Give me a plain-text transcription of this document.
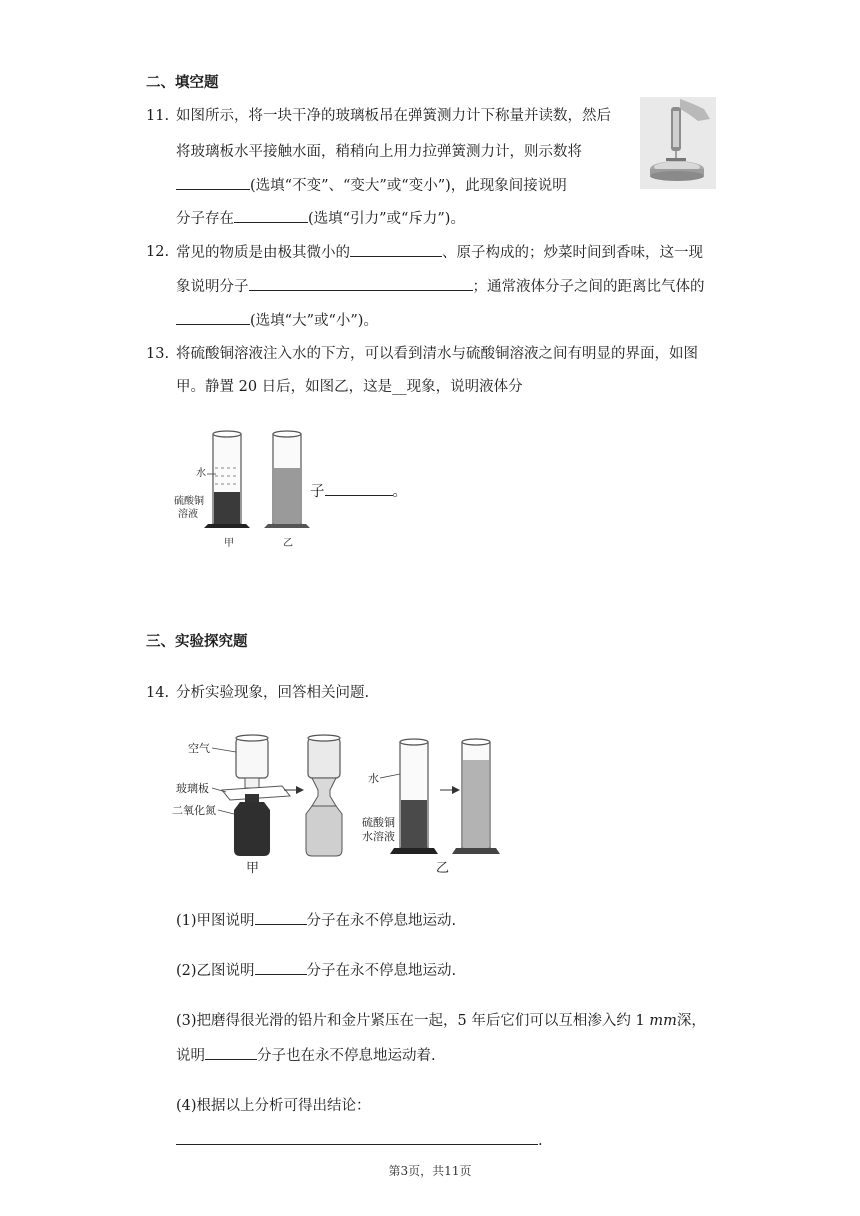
二、填空题
11. 如图所示，将一块干净的玻璃板吊在弹簧测力计下称量并读数，然后
将玻璃板水平接触水面，稍稍向上用力拉弹簧测力计，则示数将
(选填“不变”、“变大”或“变小”)，此现象间接说明
分子存在	(选填“引力”或“斥力”)。
12. 常见的物质是由极其微小的	、原子构成的；炒菜时间到香味，这一现
象说明分子	；通常液体分子之间的距离比气体的
(选填“大”或“小”)。
13. 将硫酸铜溶液注入水的下方，可以看到清水与硫酸铜溶液之间有明显的界面，如图
甲。静置 20 日后，如图乙，这是__现象，说明液体分
水
硫酸铜
溶液
甲	乙
子	。
三、实验探究题
14. 分析实验现象，回答相关问题.
空气
玻璃板
二氧化氮
水
硫酸铜
水溶液
甲	乙
(1)甲图说明	分子在永不停息地运动.
(2)乙图说明	分子在永不停息地运动.
(3)把磨得很光滑的铅片和金片紧压在一起，5 年后它们可以互相渗入约 1 mm深，
说明	分子也在永不停息地运动着.
(4)根据以上分析可得出结论：
.
第3页，共11页
